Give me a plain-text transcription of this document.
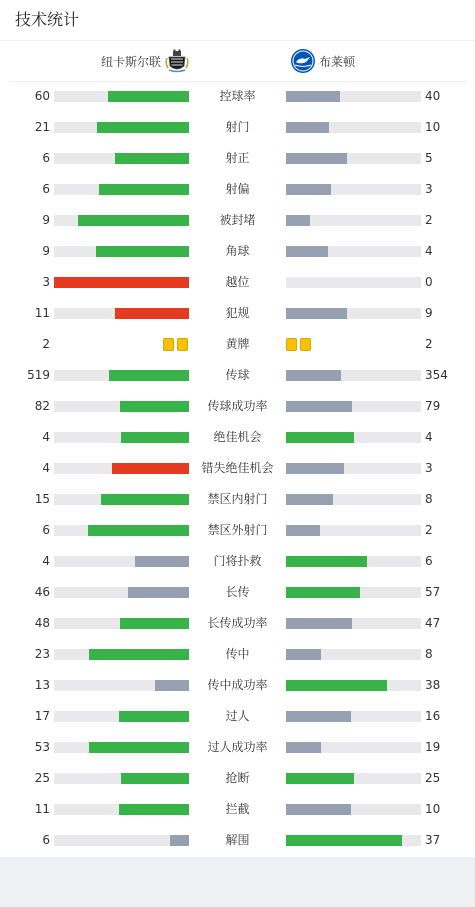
技术统计
纽卡斯尔联	布莱顿
60	控球率	40
21	射门	10
6	射正	5
6	射偏	3
9	被封堵	2
9	角球	4
3	越位	0
11	犯规	9
2	黄牌	2
519	传球	354
82	传球成功率	79
4	绝佳机会	4
4	错失绝佳机会	3
15	禁区内射门	8
6	禁区外射门	2
4	门将扑救	6
46	长传	57
48	长传成功率	47
23	传中	8
13	传中成功率	38
17	过人	16
53	过人成功率	19
25	抢断	25
11	拦截	10
6	解围	37
